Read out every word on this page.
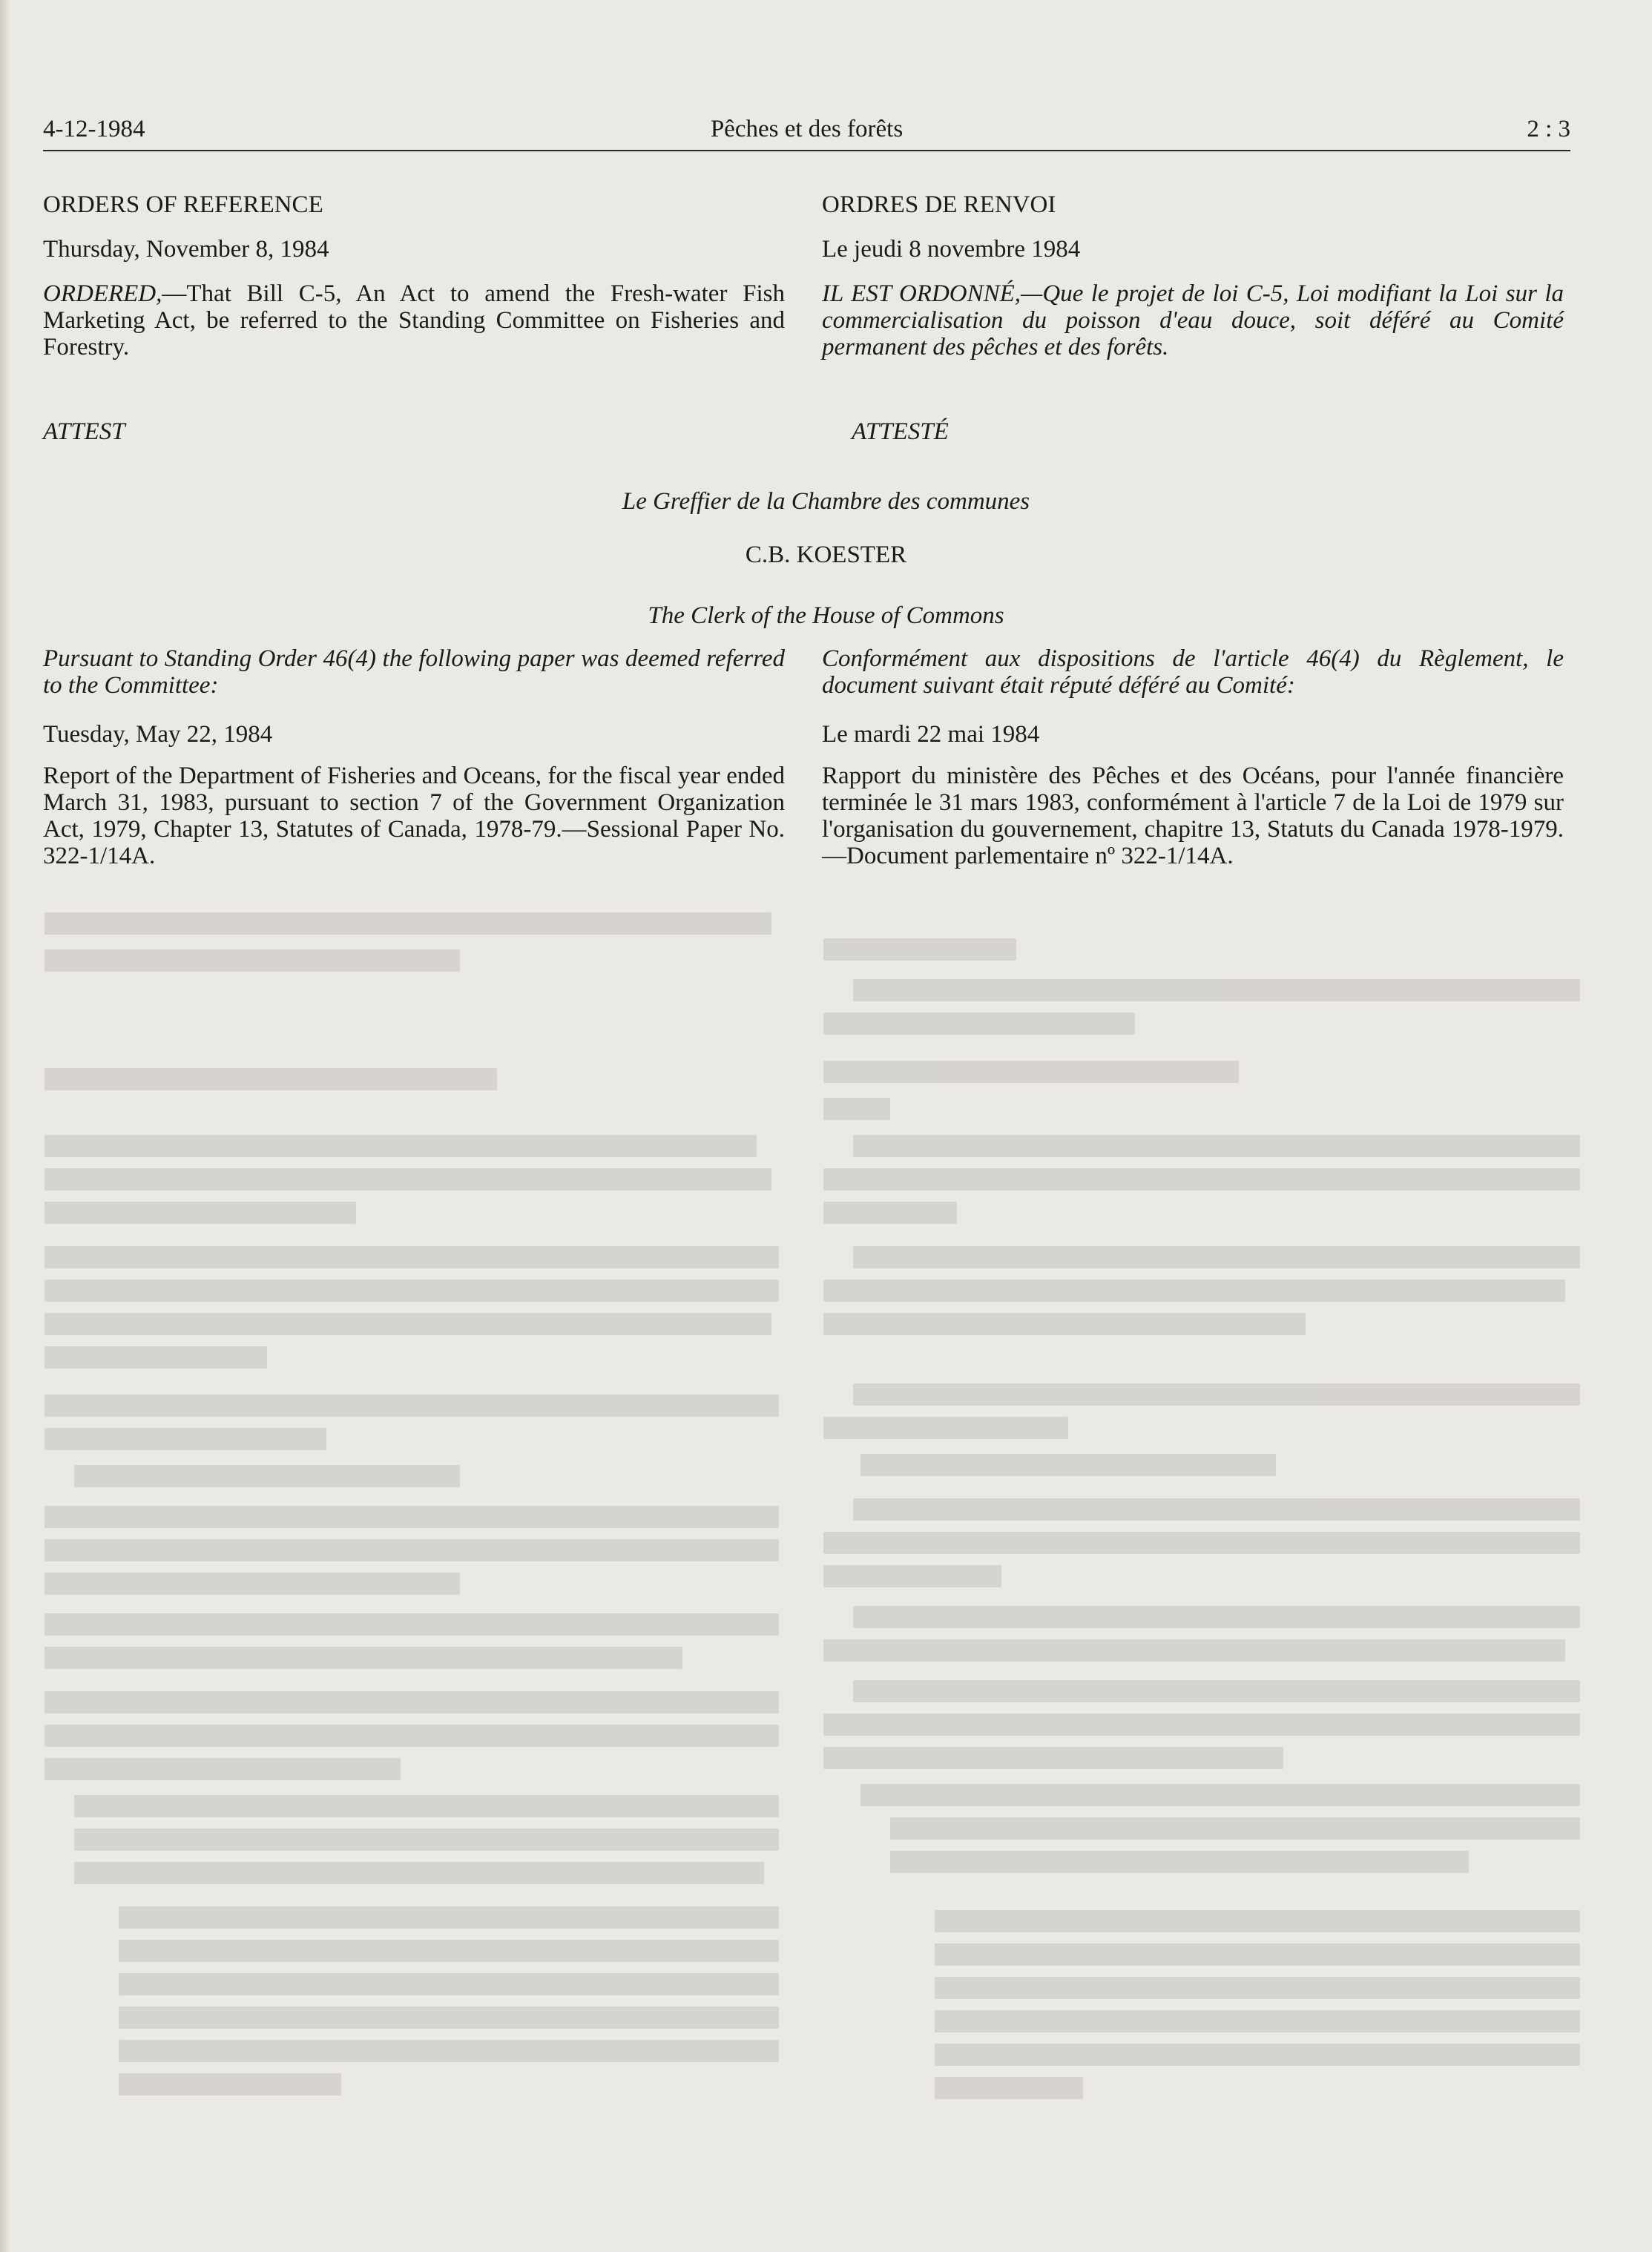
4-12-1984	Pêches et des forêts	2 : 3

ORDERS OF REFERENCE

Thursday, November 8, 1984

ORDERED,—That Bill C-5, An Act to amend the Fresh-water Fish Marketing Act, be referred to the Standing Committee on Fisheries and Forestry.

ATTEST

Pursuant to Standing Order 46(4) the following paper was deemed referred to the Committee:

Tuesday, May 22, 1984

Report of the Department of Fisheries and Oceans, for the fiscal year ended March 31, 1983, pursuant to section 7 of the Government Organization Act, 1979, Chapter 13, Statutes of Canada, 1978-79.—Sessional Paper No. 322-1/14A.

ORDRES DE RENVOI

Le jeudi 8 novembre 1984

IL EST ORDONNÉ,—Que le projet de loi C-5, Loi modifiant la Loi sur la commercialisation du poisson d'eau douce, soit déféré au Comité permanent des pêches et des forêts.

ATTESTÉ

Conformément aux dispositions de l'article 46(4) du Règlement, le document suivant était réputé déféré au Comité:

Le mardi 22 mai 1984

Rapport du ministère des Pêches et des Océans, pour l'année financière terminée le 31 mars 1983, conformément à l'article 7 de la Loi de 1979 sur l'organisation du gouvernement, chapitre 13, Statuts du Canada 1978-1979.—Document parlementaire nº 322-1/14A.

Le Greffier de la Chambre des communes

C.B. KOESTER

The Clerk of the House of Commons
